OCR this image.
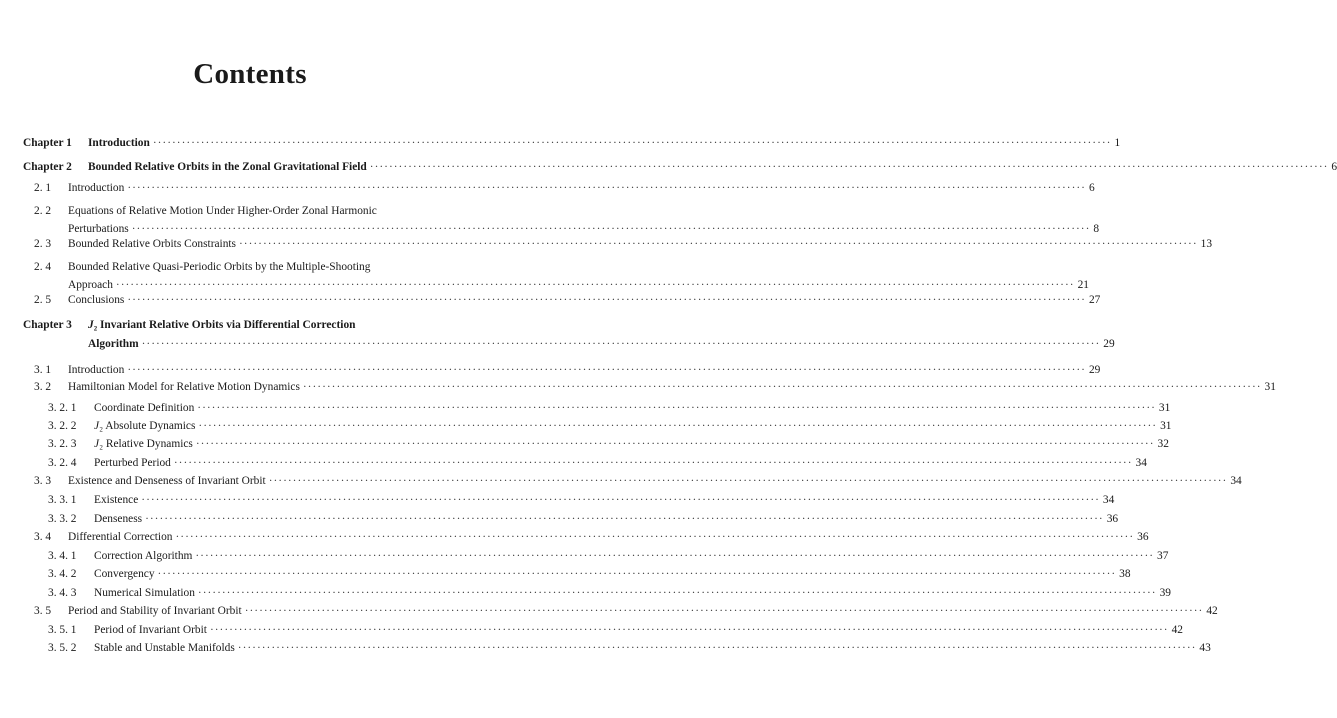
Contents
Chapter 1	Introduction ········································································································································································································ 1
Chapter 2	Bounded Relative Orbits in the Zonal Gravitational Field ········································································································································································································ 6
2. 1	Introduction ········································································································································································································ 6
2. 2 Equations of Relative Motion Under Higher-Order Zonal Harmonic
Perturbations ········································································································································································································ 8
2. 3	Bounded Relative Orbits Constraints ········································································································································································································ 13
2. 4 Bounded Relative Quasi-Periodic Orbits by the Multiple-Shooting
Approach ········································································································································································································ 21
2. 5	Conclusions ········································································································································································································ 27
Chapter 3 J₂ Invariant Relative Orbits via Differential Correction
Algorithm ········································································································································································································ 29
3. 1	Introduction ········································································································································································································ 29
3. 2	Hamiltonian Model for Relative Motion Dynamics ········································································································································································································ 31
3. 2. 1	Coordinate Definition ········································································································································································································ 31
3. 2. 2	J₂ Absolute Dynamics ········································································································································································································ 31
3. 2. 3	J₂ Relative Dynamics ········································································································································································································ 32
3. 2. 4	Perturbed Period ········································································································································································································ 34
3. 3	Existence and Denseness of Invariant Orbit ········································································································································································································ 34
3. 3. 1	Existence ········································································································································································································ 34
3. 3. 2	Denseness ········································································································································································································ 36
3. 4	Differential Correction ········································································································································································································ 36
3. 4. 1	Correction Algorithm ········································································································································································································ 37
3. 4. 2	Convergency ········································································································································································································ 38
3. 4. 3	Numerical Simulation ········································································································································································································ 39
3. 5	Period and Stability of Invariant Orbit ········································································································································································································ 42
3. 5. 1	Period of Invariant Orbit ········································································································································································································ 42
3. 5. 2	Stable and Unstable Manifolds ········································································································································································································ 43
